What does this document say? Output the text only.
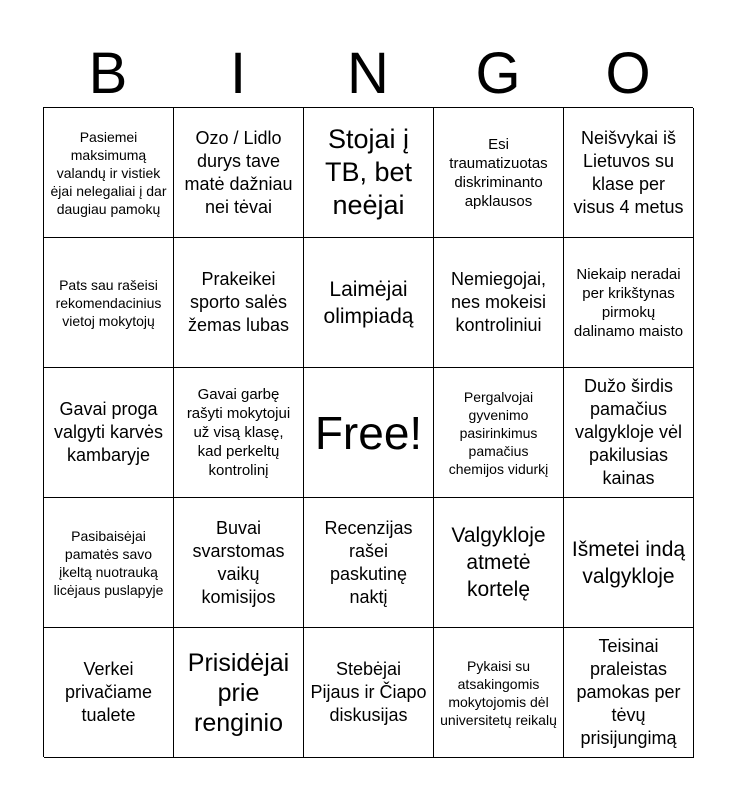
B	I	N	G	O
Pasiemei maksimumą valandų ir vistiek ėjai nelegaliai į dar daugiau pamokų
Ozo / Lidlo durys tave matė dažniau nei tėvai
Stojai į TB, bet neėjai
Esi traumatizuotas diskriminanto apklausos
Neišvykai iš Lietuvos su klase per visus 4 metus
Pats sau rašeisi rekomendacinius vietoj mokytojų
Prakeikei sporto salės žemas lubas
Laimėjai olimpiadą
Nemiegojai, nes mokeisi kontroliniui
Niekaip neradai per krikštynas pirmokų dalinamo maisto
Gavai proga valgyti karvės kambaryje
Gavai garbę rašyti mokytojui už visą klasę, kad perkeltų kontrolinį
Free!
Pergalvojai gyvenimo pasirinkimus pamačius chemijos vidurkį
Dužo širdis pamačius valgykloje vėl pakilusias kainas
Pasibaisėjai pamatės savo įkeltą nuotrauką licėjaus puslapyje
Buvai svarstomas vaikų komisijos
Recenzijas rašei paskutinę naktį
Valgykloje atmetė kortelę
Išmetei indą valgykloje
Verkei privačiame tualete
Prisidėjai prie renginio
Stebėjai Pijaus ir Čiapo diskusijas
Pykaisi su atsakingomis mokytojomis dėl universitetų reikalų
Teisinai praleistas pamokas per tėvų prisijungimą
